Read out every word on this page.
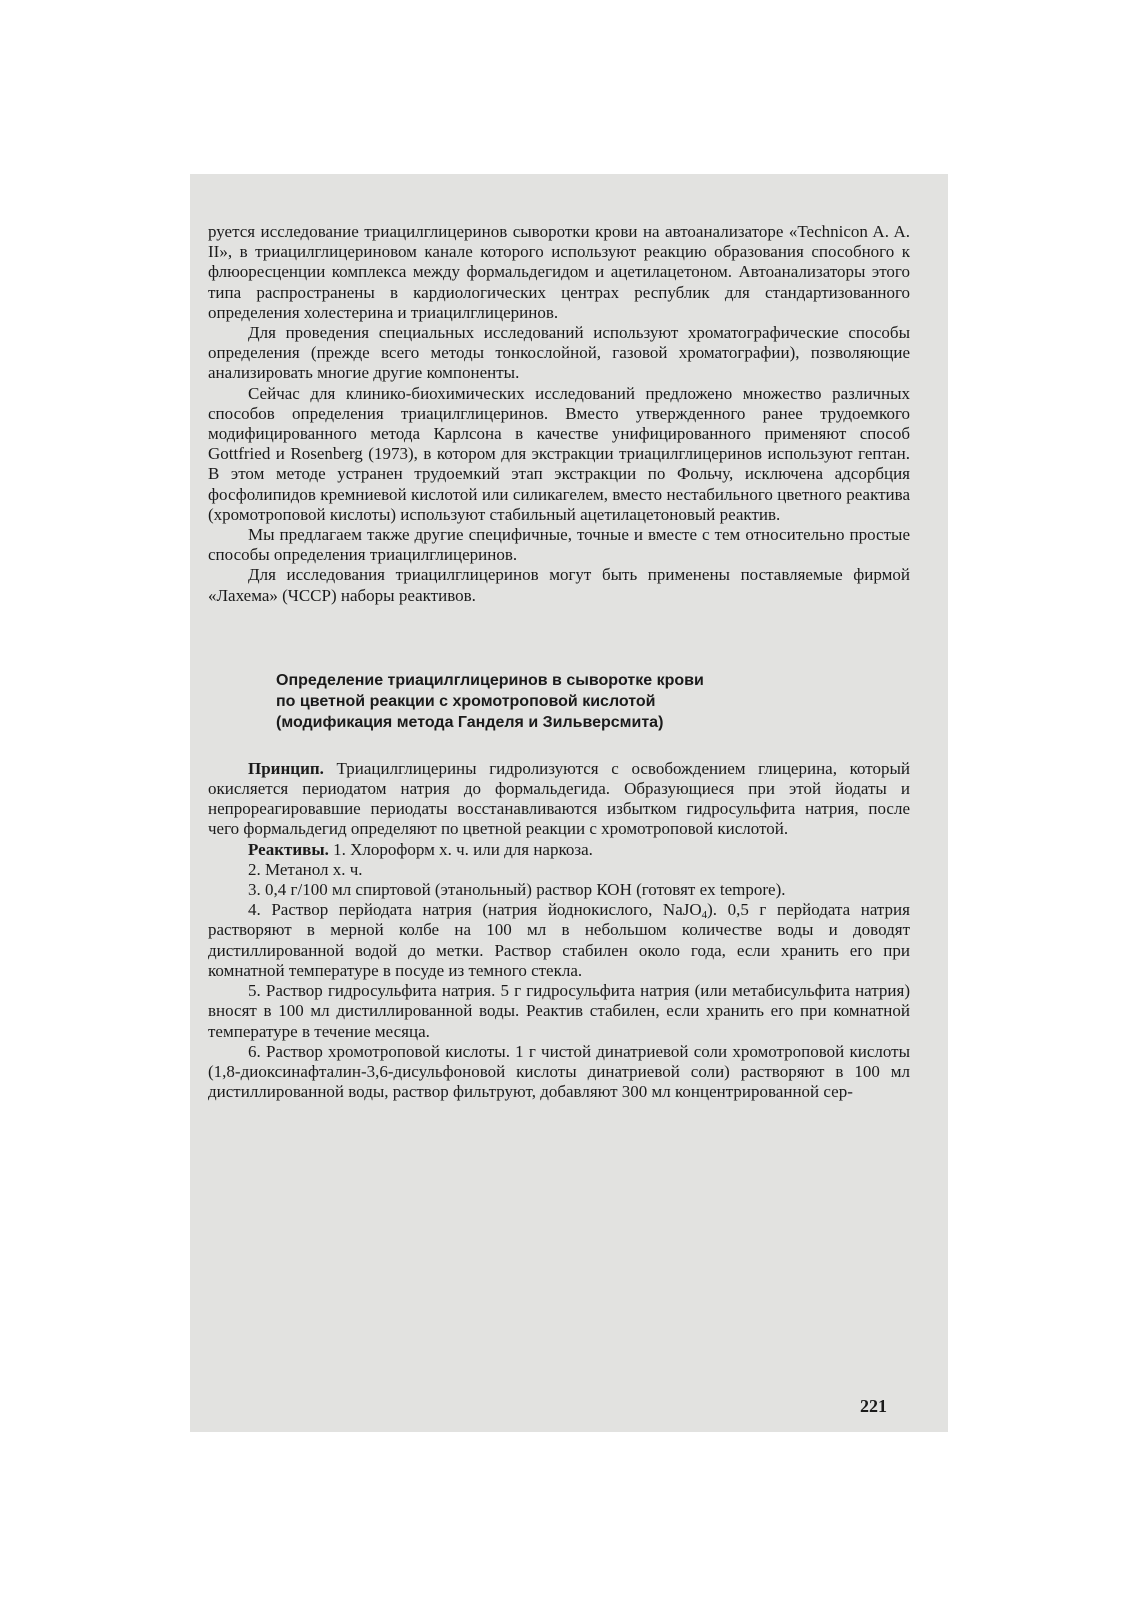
руется исследование триацилглицеринов сыворотки крови на автоанализаторе «Technicon A. A. II», в триацилглицериновом канале которого используют реакцию образования способного к флюоресценции комплекса между формальдегидом и ацетилацетоном. Автоанализаторы этого типа распространены в кардиологических центрах республик для стандартизованного определения холестерина и триацилглицеринов.

Для проведения специальных исследований используют хроматографические способы определения (прежде всего методы тонкослойной, газовой хроматографии), позволяющие анализировать многие другие компоненты.

Сейчас для клинико-биохимических исследований предложено множество различных способов определения триацилглицеринов. Вместо утвержденного ранее трудоемкого модифицированного метода Карлсона в качестве унифицированного применяют способ Gottfried и Rosenberg (1973), в котором для экстракции триацилглицеринов используют гептан. В этом методе устранен трудоемкий этап экстракции по Фольчу, исключена адсорбция фосфолипидов кремниевой кислотой или силикагелем, вместо нестабильного цветного реактива (хромотроповой кислоты) используют стабильный ацетилацетоновый реактив.

Мы предлагаем также другие специфичные, точные и вместе с тем относительно простые способы определения триацилглицеринов.

Для исследования триацилглицеринов могут быть применены поставляемые фирмой «Лахема» (ЧССР) наборы реактивов.

Определение триацилглицеринов в сыворотке крови
по цветной реакции с хромотроповой кислотой
(модификация метода Ганделя и Зильверсмита)

Принцип. Триацилглицерины гидролизуются с освобождением глицерина, который окисляется периодатом натрия до формальдегида. Образующиеся при этой йодаты и непрореагировавшие периодаты восстанавливаются избытком гидросульфита натрия, после чего формальдегид определяют по цветной реакции с хромотроповой кислотой.

Реактивы. 1. Хлороформ х. ч. или для наркоза.

2. Метанол х. ч.

3. 0,4 г/100 мл спиртовой (этанольный) раствор КОН (готовят ex tempore).

4. Раствор перйодата натрия (натрия йоднокислого, NaJO$_4$). 0,5 г перйодата натрия растворяют в мерной колбе на 100 мл в небольшом количестве воды и доводят дистиллированной водой до метки. Раствор стабилен около года, если хранить его при комнатной температуре в посуде из темного стекла.

5. Раствор гидросульфита натрия. 5 г гидросульфита натрия (или метабисульфита натрия) вносят в 100 мл дистиллированной воды. Реактив стабилен, если хранить его при комнатной температуре в течение месяца.

6. Раствор хромотроповой кислоты. 1 г чистой динатриевой соли хромотроповой кислоты (1,8-диоксинафталин-3,6-дисульфоновой кислоты динатриевой соли) растворяют в 100 мл дистиллированной воды, раствор фильтруют, добавляют 300 мл концентрированной сер-

221
